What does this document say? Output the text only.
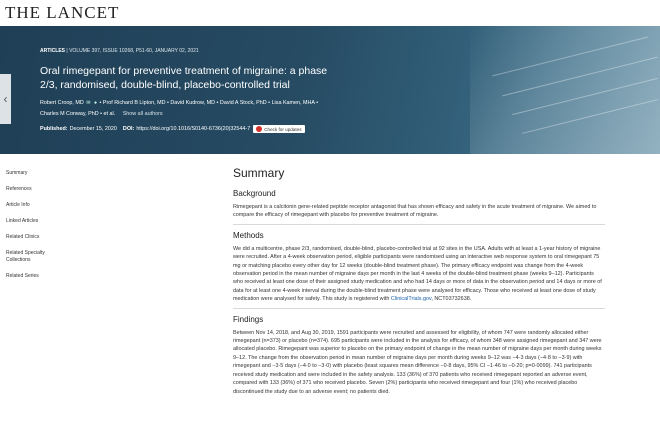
THE LANCET
‹
ARTICLES | VOLUME 397, ISSUE 10268, P51-60, JANUARY 02, 2021
Oral rimegepant for preventive treatment of migraine: a phase 2/3, randomised, double-blind, placebo-controlled trial
Robert Croop, MD ✉ ● • Prof Richard B Lipton, MD • David Kudrow, MD • David A Stock, PhD • Lisa Kamen, MHA •
Charles M Conway, PhD • et al. Show all authors
Published: December 15, 2020 DOI: https://doi.org/10.1016/S0140-6736(20)32544-7	Check for updates
Summary
References
Article Info
Linked Articles
Related Clinics
Related Specialty Collections
Related Series
Summary
Background
Rimegepant is a calcitonin gene-related peptide receptor antagonist that has shown efficacy and safety in the acute treatment of migraine. We aimed to compare the efficacy of rimegepant with placebo for preventive treatment of migraine.
Methods
We did a multicentre, phase 2/3, randomised, double-blind, placebo-controlled trial at 92 sites in the USA. Adults with at least a 1-year history of migraine were recruited. After a 4-week observation period, eligible participants were randomised using an interactive web response system to oral rimegepant 75 mg or matching placebo every other day for 12 weeks (double-blind treatment phase). The primary efficacy endpoint was change from the 4-week observation period in the mean number of migraine days per month in the last 4 weeks of the double-blind treatment phase (weeks 9–12). Participants who received at least one dose of their assigned study medication and who had 14 days or more of data in the observation period and 14 days or more of data for at least one 4-week interval during the double-blind treatment phase were analysed for efficacy. Those who received at least one dose of study medication were analysed for safety. This study is registered with ClinicalTrials.gov, NCT03732638.
Findings
Between Nov 14, 2018, and Aug 30, 2019, 1591 participants were recruited and assessed for eligibility, of whom 747 were randomly allocated either rimegepant (n=373) or placebo (n=374). 695 participants were included in the analysis for efficacy, of whom 348 were assigned rimegepant and 347 were allocated placebo. Rimegepant was superior to placebo on the primary endpoint of change in the mean number of migraine days per month during weeks 9–12. The change from the observation period in mean number of migraine days per month during weeks 9–12 was −4·3 days (−4·8 to −3·9) with rimegepant and −3·5 days (−4·0 to −3·0) with placebo (least squares mean difference −0·8 days, 95% CI −1·46 to −0·20; p=0·0099). 741 participants received study medication and were included in the safety analysis. 133 (36%) of 370 patients who received rimegepant reported an adverse event, compared with 133 (36%) of 371 who received placebo. Seven (2%) participants who received rimegepant and four (1%) who received placebo discontinued the study due to an adverse event; no patients died.
